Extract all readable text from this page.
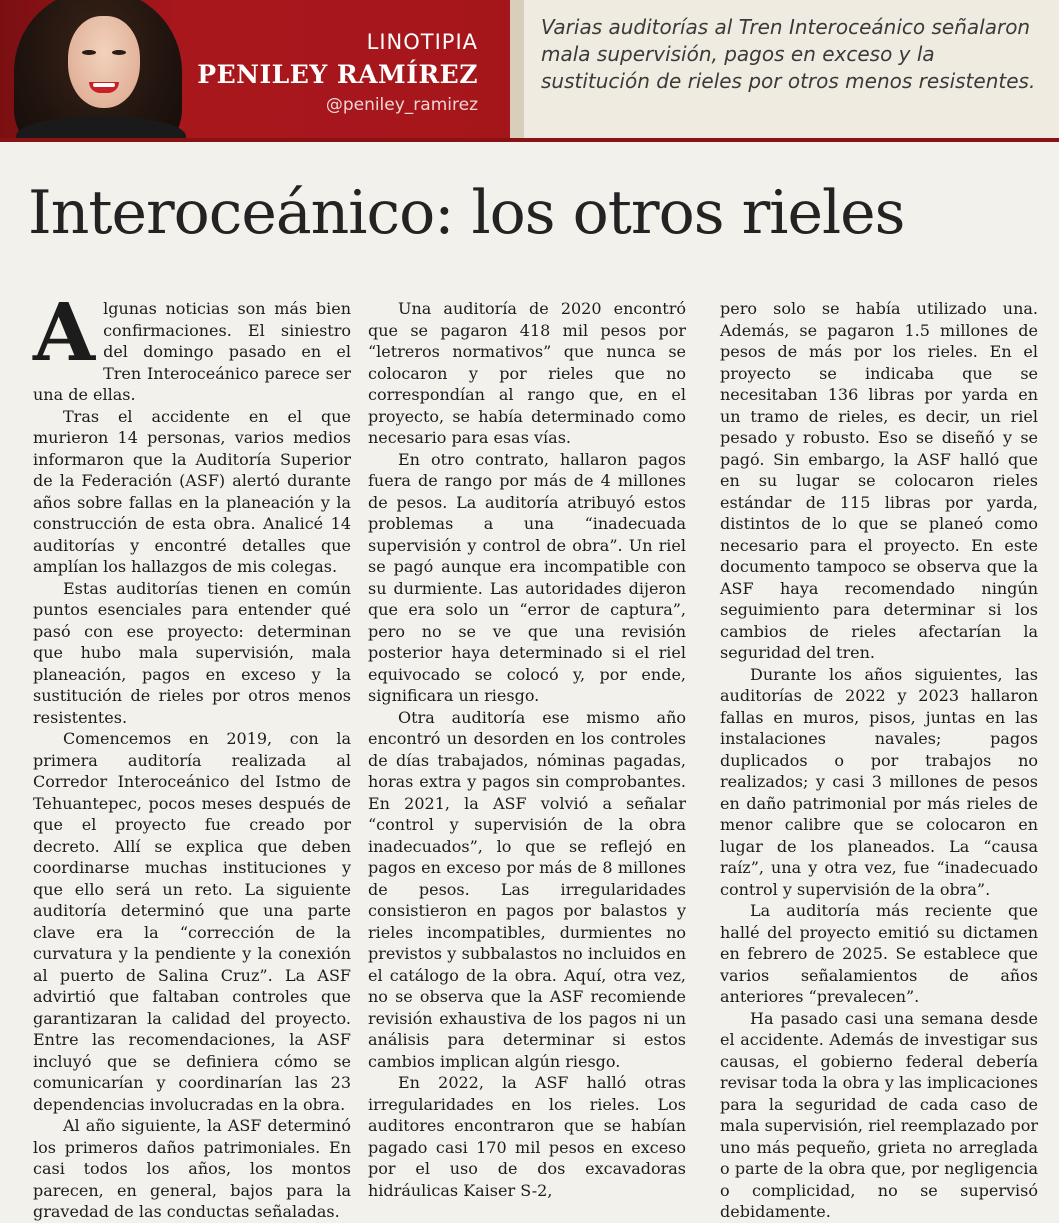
LINOTIPIA
PENILEY RAMÍREZ
@peniley_ramirez
Varias auditorías al Tren Interoceánico señalaron mala supervisión, pagos en exceso y la sustitución de rieles por otros menos resistentes.
Interoceánico: los otros rieles

Algunas noticias son más bien confirmaciones. El siniestro del domingo pasado en el Tren Interoceánico parece ser una de ellas.

Tras el accidente en el que murieron 14 personas, varios medios informaron que la Auditoría Superior de la Federación (ASF) alertó durante años sobre fallas en la planeación y la construcción de esta obra. Analicé 14 auditorías y encontré detalles que amplían los hallazgos de mis colegas.

Estas auditorías tienen en común puntos esenciales para entender qué pasó con ese proyecto: determinan que hubo mala supervisión, mala planeación, pagos en exceso y la sustitución de rieles por otros menos resistentes.

Comencemos en 2019, con la primera auditoría realizada al Corredor Interoceánico del Istmo de Tehuantepec, pocos meses después de que el proyecto fue creado por decreto. Allí se explica que deben coordinarse muchas instituciones y que ello será un reto. La siguiente auditoría determinó que una parte clave era la “corrección de la curvatura y la pendiente y la conexión al puerto de Salina Cruz”. La ASF advirtió que faltaban controles que garantizaran la calidad del proyecto. Entre las recomendaciones, la ASF incluyó que se definiera cómo se comunicarían y coordinarían las 23 dependencias involucradas en la obra.

Al año siguiente, la ASF determinó los primeros daños patrimoniales. En casi todos los años, los montos parecen, en general, bajos para la gravedad de las conductas señaladas.

Una auditoría de 2020 encontró que se pagaron 418 mil pesos por “letreros normativos” que nunca se colocaron y por rieles que no correspondían al rango que, en el proyecto, se había determinado como necesario para esas vías.

En otro contrato, hallaron pagos fuera de rango por más de 4 millones de pesos. La auditoría atribuyó estos problemas a una “inadecuada supervisión y control de obra”. Un riel se pagó aunque era incompatible con su durmiente. Las autoridades dijeron que era solo un “error de captura”, pero no se ve que una revisión posterior haya determinado si el riel equivocado se colocó y, por ende, significara un riesgo.

Otra auditoría ese mismo año encontró un desorden en los controles de días trabajados, nóminas pagadas, horas extra y pagos sin comprobantes. En 2021, la ASF volvió a señalar “control y supervisión de la obra inadecuados”, lo que se reflejó en pagos en exceso por más de 8 millones de pesos. Las irregularidades consistieron en pagos por balastos y rieles incompatibles, durmientes no previstos y subbalastos no incluidos en el catálogo de la obra. Aquí, otra vez, no se observa que la ASF recomiende revisión exhaustiva de los pagos ni un análisis para determinar si estos cambios implican algún riesgo.

En 2022, la ASF halló otras irregularidades en los rieles. Los auditores encontraron que se habían pagado casi 170 mil pesos en exceso por el uso de dos excavadoras hidráulicas Kaiser S-2,

pero solo se había utilizado una. Además, se pagaron 1.5 millones de pesos de más por los rieles. En el proyecto se indicaba que se necesitaban 136 libras por yarda en un tramo de rieles, es decir, un riel pesado y robusto. Eso se diseñó y se pagó. Sin embargo, la ASF halló que en su lugar se colocaron rieles estándar de 115 libras por yarda, distintos de lo que se planeó como necesario para el proyecto. En este documento tampoco se observa que la ASF haya recomendado ningún seguimiento para determinar si los cambios de rieles afectarían la seguridad del tren.

Durante los años siguientes, las auditorías de 2022 y 2023 hallaron fallas en muros, pisos, juntas en las instalaciones navales; pagos duplicados o por trabajos no realizados; y casi 3 millones de pesos en daño patrimonial por más rieles de menor calibre que se colocaron en lugar de los planeados. La “causa raíz”, una y otra vez, fue “inadecuado control y supervisión de la obra”.

La auditoría más reciente que hallé del proyecto emitió su dictamen en febrero de 2025. Se establece que varios señalamientos de años anteriores “prevalecen”.

Ha pasado casi una semana desde el accidente. Además de investigar sus causas, el gobierno federal debería revisar toda la obra y las implicaciones para la seguridad de cada caso de mala supervisión, riel reemplazado por uno más pequeño, grieta no arreglada o parte de la obra que, por negligencia o complicidad, no se supervisó debidamente.
